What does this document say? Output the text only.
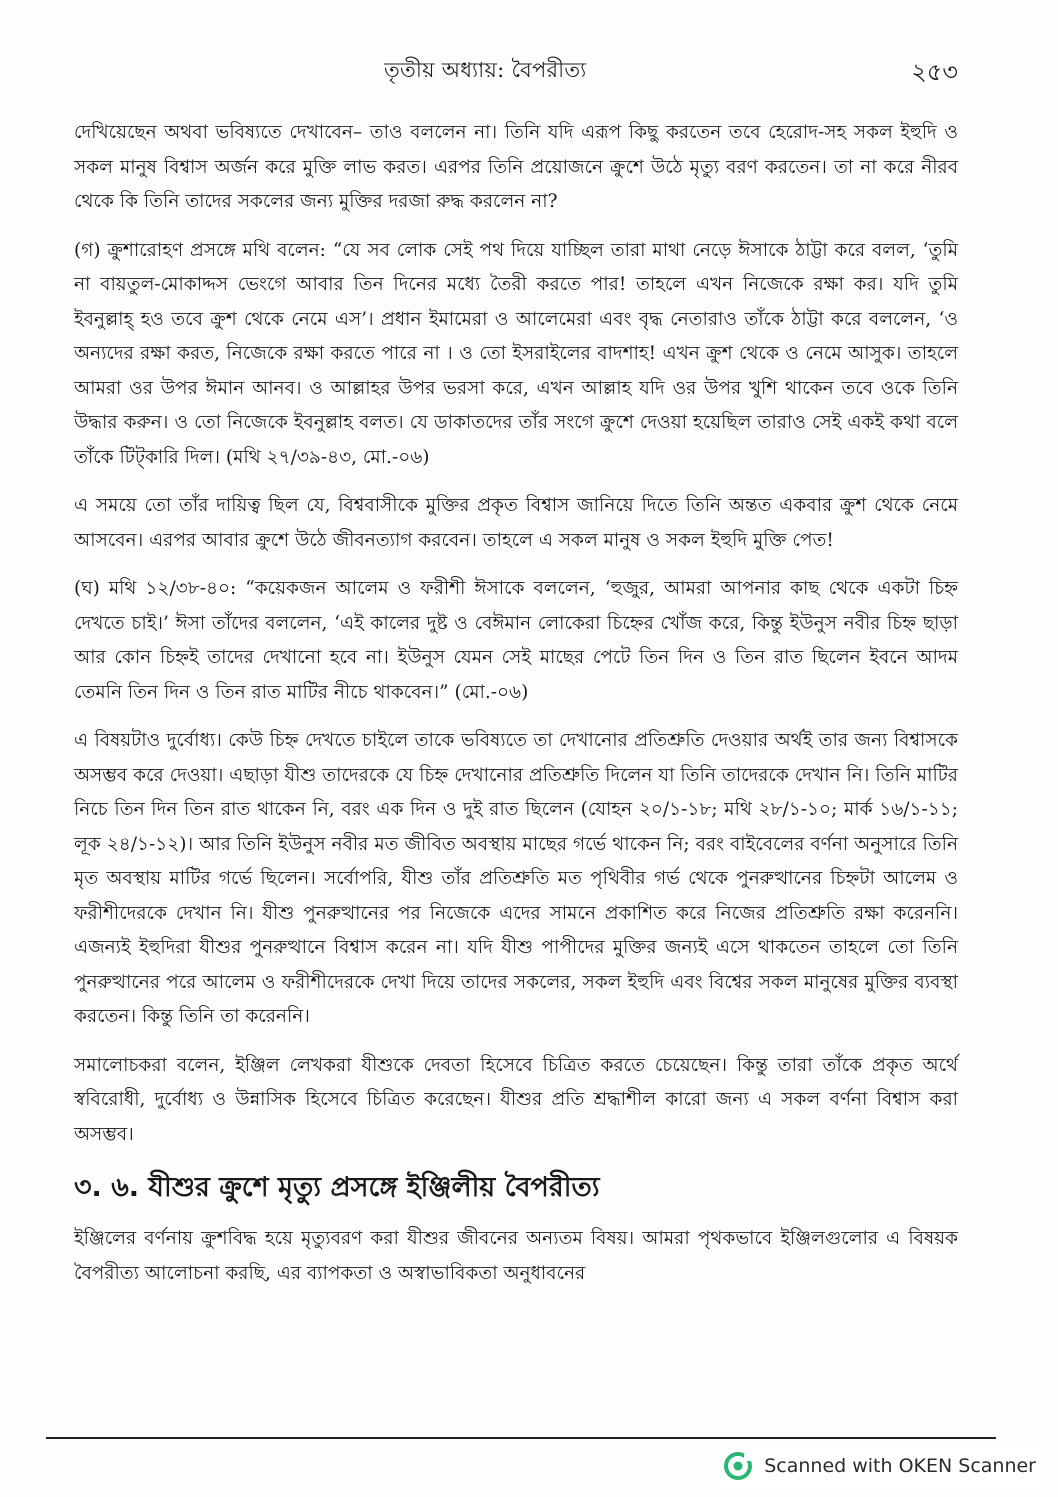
তৃতীয় অধ্যায়: বৈপরীত্য	২৫৩

দেখিয়েছেন অথবা ভবিষ্যতে দেখাবেন– তাও বললেন না। তিনি যদি এরূপ কিছু করতেন তবে হেরোদ-সহ সকল ইহুদি ও সকল মানুষ বিশ্বাস অর্জন করে মুক্তি লাভ করত। এরপর তিনি প্রয়োজনে ক্রুশে উঠে মৃত্যু বরণ করতেন। তা না করে নীরব থেকে কি তিনি তাদের সকলের জন্য মুক্তির দরজা রুদ্ধ করলেন না?

(গ) ক্রুশারোহণ প্রসঙ্গে মথি বলেন: “যে সব লোক সেই পথ দিয়ে যাচ্ছিল তারা মাথা নেড়ে ঈসাকে ঠাট্টা করে বলল, ‘তুমি না বায়তুল-মোকাদ্দস ভেংগে আবার তিন দিনের মধ্যে তৈরী করতে পার! তাহলে এখন নিজেকে রক্ষা কর। যদি তুমি ইবনুল্লাহ্ হও তবে ক্রুশ থেকে নেমে এস’। প্রধান ইমামেরা ও আলেমেরা এবং বৃদ্ধ নেতারাও তাঁকে ঠাট্টা করে বললেন, ‘ও অন্যদের রক্ষা করত, নিজেকে রক্ষা করতে পারে না । ও তো ইসরাইলের বাদশাহ! এখন ক্রুশ থেকে ও নেমে আসুক। তাহলে আমরা ওর উপর ঈমান আনব। ও আল্লাহর উপর ভরসা করে, এখন আল্লাহ যদি ওর উপর খুশি থাকেন তবে ওকে তিনি উদ্ধার করুন। ও তো নিজেকে ইবনুল্লাহ বলত। যে ডাকাতদের তাঁর সংগে ক্রুশে দেওয়া হয়েছিল তারাও সেই একই কথা বলে তাঁকে টিট্‌কারি দিল। (মথি ২৭/৩৯-৪৩, মো.-০৬)

এ সময়ে তো তাঁর দায়িত্ব ছিল যে, বিশ্ববাসীকে মুক্তির প্রকৃত বিশ্বাস জানিয়ে দিতে তিনি অন্তত একবার ক্রুশ থেকে নেমে আসবেন। এরপর আবার ক্রুশে উঠে জীবনত্যাগ করবেন। তাহলে এ সকল মানুষ ও সকল ইহুদি মুক্তি পেত!

(ঘ) মথি ১২/৩৮-৪০: “কয়েকজন আলেম ও ফরীশী ঈসাকে বললেন, ‘হুজুর, আমরা আপনার কাছ থেকে একটা চিহ্ন দেখতে চাই।’ ঈসা তাঁদের বললেন, ‘এই কালের দুষ্ট ও বেঈমান লোকেরা চিহ্নের খোঁজ করে, কিন্তু ইউনুস নবীর চিহ্ন ছাড়া আর কোন চিহ্নই তাদের দেখানো হবে না। ইউনুস যেমন সেই মাছের পেটে তিন দিন ও তিন রাত ছিলেন ইবনে আদম তেমনি তিন দিন ও তিন রাত মাটির নীচে থাকবেন।” (মো.-০৬)

এ বিষয়টাও দুর্বোধ্য। কেউ চিহ্ন দেখতে চাইলে তাকে ভবিষ্যতে তা দেখানোর প্রতিশ্রুতি দেওয়ার অর্থই তার জন্য বিশ্বাসকে অসম্ভব করে দেওয়া। এছাড়া যীশু তাদেরকে যে চিহ্ন দেখানোর প্রতিশ্রুতি দিলেন যা তিনি তাদেরকে দেখান নি। তিনি মাটির নিচে তিন দিন তিন রাত থাকেন নি, বরং এক দিন ও দুই রাত ছিলেন (যোহন ২০/১-১৮; মথি ২৮/১-১০; মার্ক ১৬/১-১১; লূক ২৪/১-১২)। আর তিনি ইউনুস নবীর মত জীবিত অবস্থায় মাছের গর্ভে থাকেন নি; বরং বাইবেলের বর্ণনা অনুসারে তিনি মৃত অবস্থায় মাটির গর্ভে ছিলেন। সর্বোপরি, যীশু তাঁর প্রতিশ্রুতি মত পৃথিবীর গর্ভ থেকে পুনরুত্থানের চিহ্নটা আলেম ও ফরীশীদেরকে দেখান নি। যীশু পুনরুত্থানের পর নিজেকে এদের সামনে প্রকাশিত করে নিজের প্রতিশ্রুতি রক্ষা করেননি। এজন্যই ইহুদিরা যীশুর পুনরুত্থানে বিশ্বাস করেন না। যদি যীশু পাপীদের মুক্তির জন্যই এসে থাকতেন তাহলে তো তিনি পুনরুত্থানের পরে আলেম ও ফরীশীদেরকে দেখা দিয়ে তাদের সকলের, সকল ইহুদি এবং বিশ্বের সকল মানুষের মুক্তির ব্যবস্থা করতেন। কিন্তু তিনি তা করেননি।

সমালোচকরা বলেন, ইঞ্জিল লেখকরা যীশুকে দেবতা হিসেবে চিত্রিত করতে চেয়েছেন। কিন্তু তারা তাঁকে প্রকৃত অর্থে স্ববিরোধী, দুর্বোধ্য ও উন্নাসিক হিসেবে চিত্রিত করেছেন। যীশুর প্রতি শ্রদ্ধাশীল কারো জন্য এ সকল বর্ণনা বিশ্বাস করা অসম্ভব।

৩. ৬. যীশুর ক্রুশে মৃত্যু প্রসঙ্গে ইঞ্জিলীয় বৈপরীত্য

ইঞ্জিলের বর্ণনায় ক্রুশবিদ্ধ হয়ে মৃত্যুবরণ করা যীশুর জীবনের অন্যতম বিষয়। আমরা পৃথকভাবে ইঞ্জিলগুলোর এ বিষয়ক বৈপরীত্য আলোচনা করছি, এর ব্যাপকতা ও অস্বাভাবিকতা অনুধাবনের

Scanned with OKEN Scanner
